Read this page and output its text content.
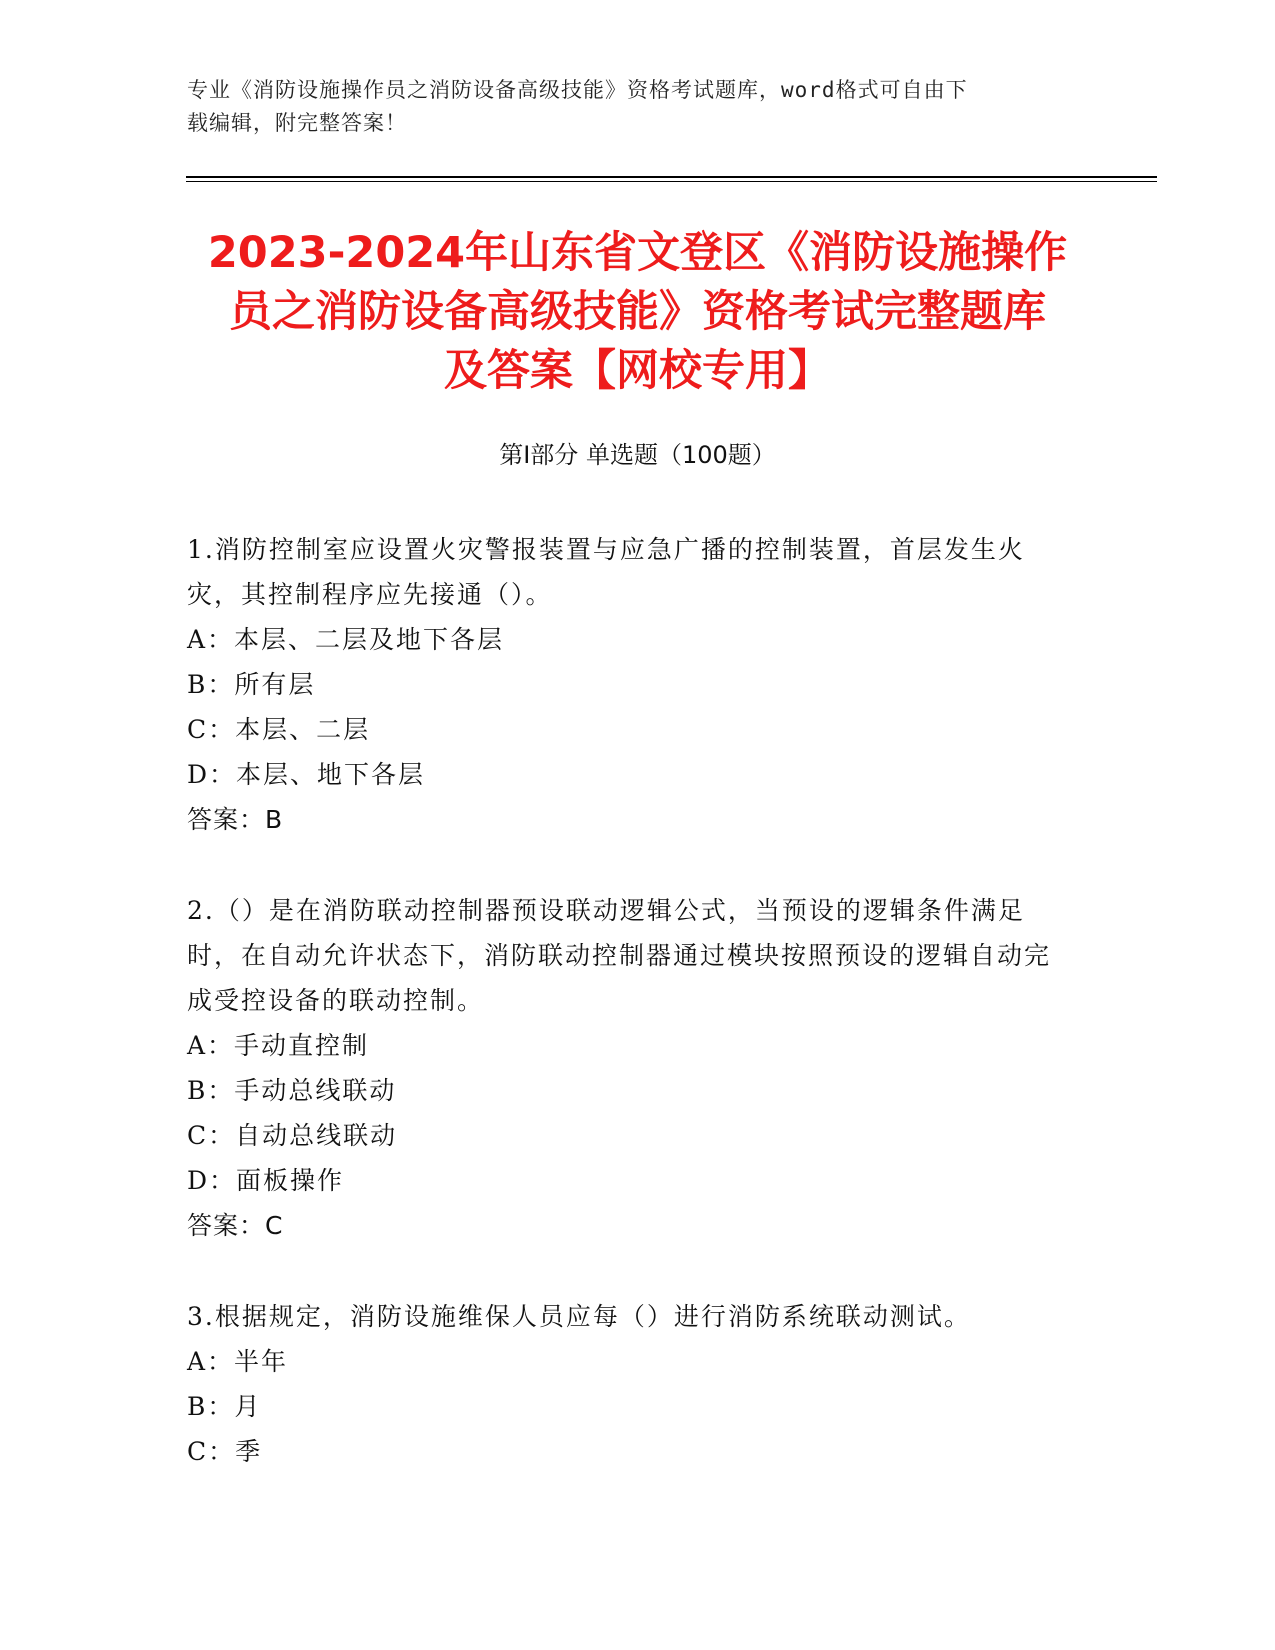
专业《消防设施操作员之消防设备高级技能》资格考试题库，word格式可自由下
载编辑，附完整答案！
2023-2024年山东省文登区《消防设施操作
员之消防设备高级技能》资格考试完整题库
及答案【网校专用】
第I部分 单选题（100题）
1.消防控制室应设置火灾警报装置与应急广播的控制装置，首层发生火灾，其控制程序应先接通（）。
A：本层、二层及地下各层
B：所有层
C：本层、二层
D：本层、地下各层
答案：B
2.（）是在消防联动控制器预设联动逻辑公式，当预设的逻辑条件满足时，在自动允许状态下，消防联动控制器通过模块按照预设的逻辑自动完成受控设备的联动控制。
A：手动直控制
B：手动总线联动
C：自动总线联动
D：面板操作
答案：C
3.根据规定，消防设施维保人员应每（）进行消防系统联动测试。
A：半年
B：月
C：季
